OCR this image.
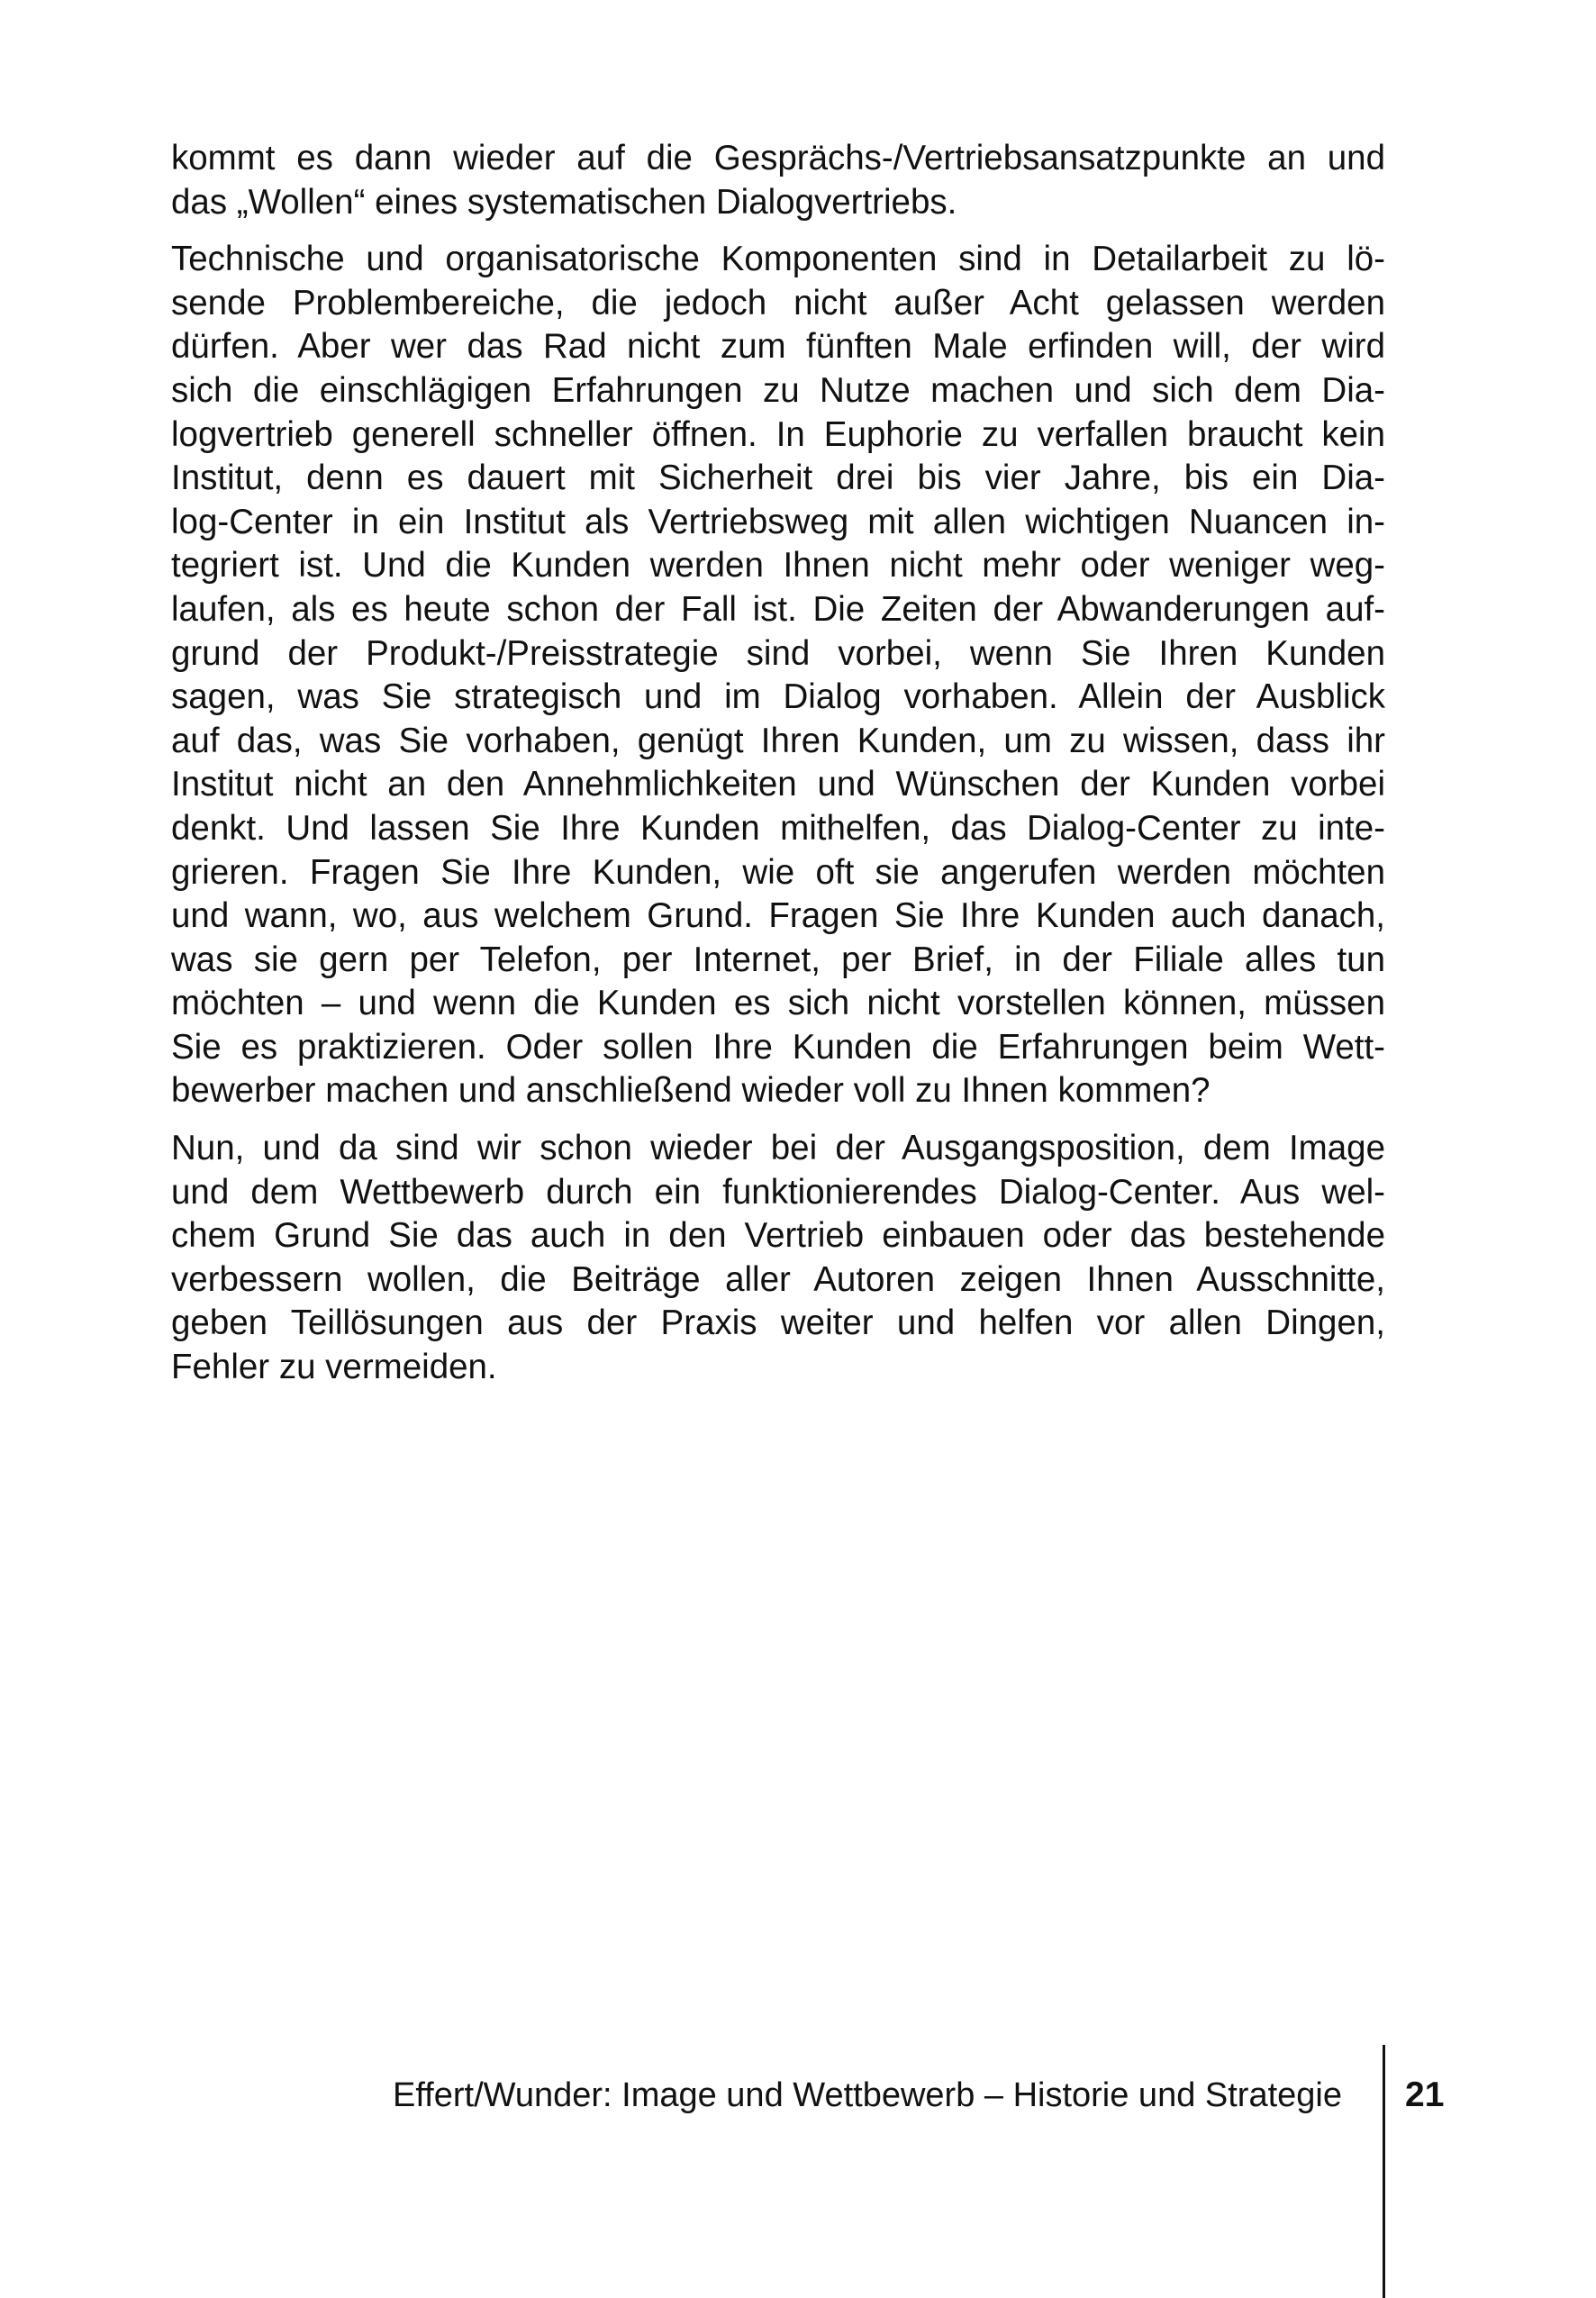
kommt es dann wieder auf die Gesprächs-/Vertriebsansatzpunkte an und
das „Wollen“ eines systematischen Dialogvertriebs.

Technische und organisatorische Komponenten sind in Detailarbeit zu lö-
sende Problembereiche, die jedoch nicht außer Acht gelassen werden
dürfen. Aber wer das Rad nicht zum fünften Male erfinden will, der wird
sich die einschlägigen Erfahrungen zu Nutze machen und sich dem Dia-
logvertrieb generell schneller öffnen. In Euphorie zu verfallen braucht kein
Institut, denn es dauert mit Sicherheit drei bis vier Jahre, bis ein Dia-
log-Center in ein Institut als Vertriebsweg mit allen wichtigen Nuancen in-
tegriert ist. Und die Kunden werden Ihnen nicht mehr oder weniger weg-
laufen, als es heute schon der Fall ist. Die Zeiten der Abwanderungen auf-
grund der Produkt-/Preisstrategie sind vorbei, wenn Sie Ihren Kunden
sagen, was Sie strategisch und im Dialog vorhaben. Allein der Ausblick
auf das, was Sie vorhaben, genügt Ihren Kunden, um zu wissen, dass ihr
Institut nicht an den Annehmlichkeiten und Wünschen der Kunden vorbei
denkt. Und lassen Sie Ihre Kunden mithelfen, das Dialog-Center zu inte-
grieren. Fragen Sie Ihre Kunden, wie oft sie angerufen werden möchten
und wann, wo, aus welchem Grund. Fragen Sie Ihre Kunden auch danach,
was sie gern per Telefon, per Internet, per Brief, in der Filiale alles tun
möchten – und wenn die Kunden es sich nicht vorstellen können, müssen
Sie es praktizieren. Oder sollen Ihre Kunden die Erfahrungen beim Wett-
bewerber machen und anschließend wieder voll zu Ihnen kommen?

Nun, und da sind wir schon wieder bei der Ausgangsposition, dem Image
und dem Wettbewerb durch ein funktionierendes Dialog-Center. Aus wel-
chem Grund Sie das auch in den Vertrieb einbauen oder das bestehende
verbessern wollen, die Beiträge aller Autoren zeigen Ihnen Ausschnitte,
geben Teillösungen aus der Praxis weiter und helfen vor allen Dingen,
Fehler zu vermeiden.

Effert/Wunder: Image und Wettbewerb – Historie und Strategie 21
